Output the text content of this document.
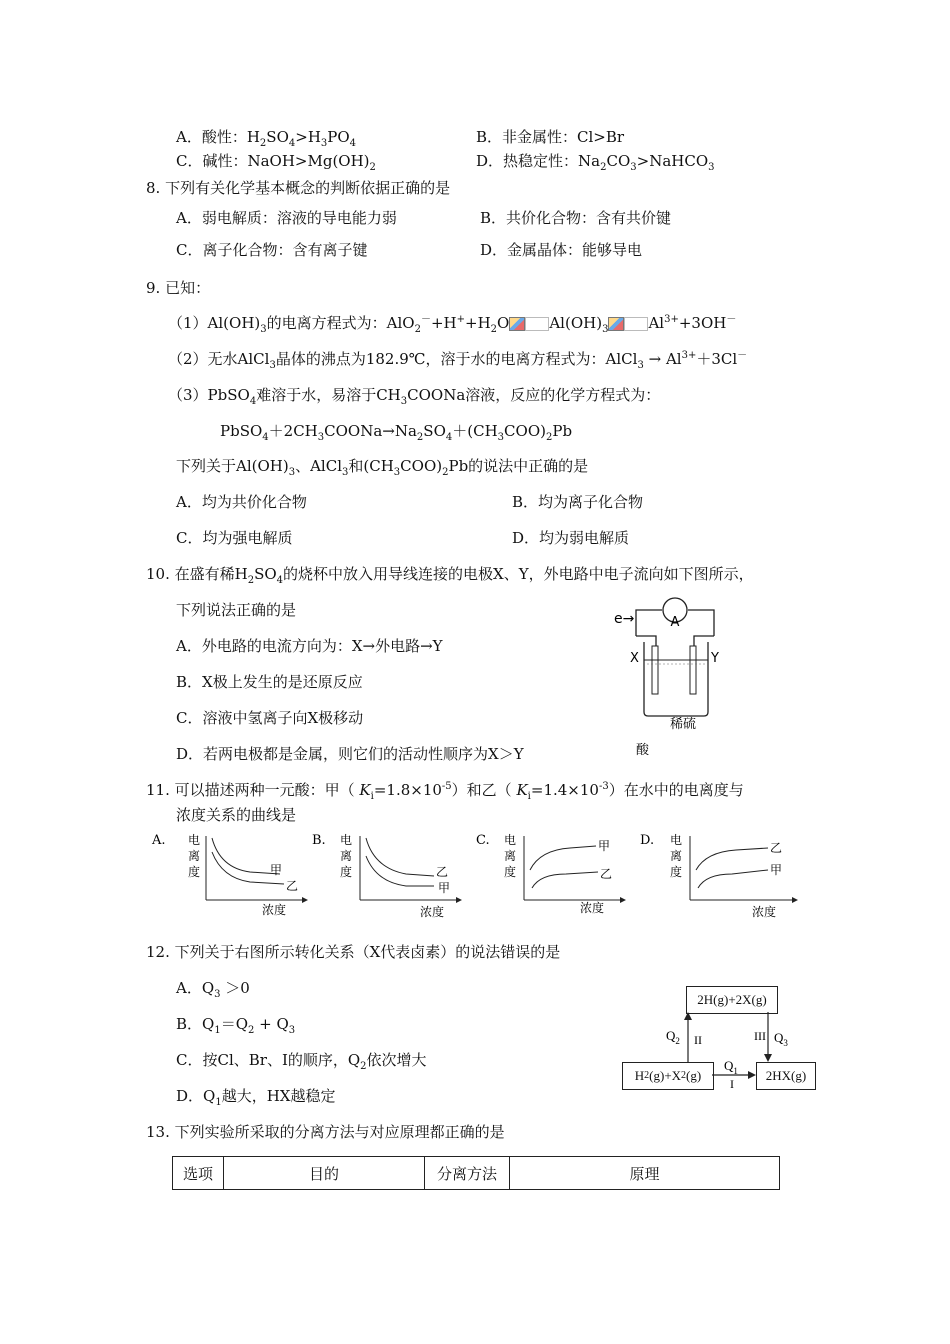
A．酸性：$H_2SO_4>H_3PO_4$	B．非金属性：Cl>Br
C．碱性：$NaOH>Mg(OH)_2$	D．热稳定性：$Na_2CO_3>NaHCO_3$
8. 下列有关化学基本概念的判断依据正确的是
A．弱电解质：溶液的导电能力弱	B．共价化合物：含有共价键
C．离子化合物：含有离子键	D．金属晶体：能够导电
9. 已知：
$(1)Al(OH)_3$的电离方程式为：$AlO_2^-+H^++H_2O$	$Al(OH)_3$	$Al^{3+}+3OH^-$
（2）无水AlCl$_3$晶体的沸点为182.9℃，溶于水的电离方程式为：AlCl$_3$ → $Al^{3+}+3Cl^-$
（3）PbSO$_4$难溶于水，易溶于$CH_3COONa$溶液，反应的化学方程式为：
$PbSO_4+2CH_3COONa\to Na_2SO_4+(CH_3COO)_2Pb$
下列关于$Al(OH)_3$、AlCl$_3$和$(CH_3COO)_2Pb$的说法中正确的是
A．均为共价化合物	B．均为离子化合物
C．均为强电解质	D．均为弱电解质
10. 在盛有稀$H_2SO_4$的烧杯中放入用导线连接的电极X、Y，外电路中电子流向如下图所示，
下列说法正确的是
A．外电路的电流方向为：X→外电路→Y
B．X极上发生的是还原反应
C．溶液中氢离子向X极移动
D．若两电极都是金属，则它们的活动性顺序为X＞Y
A
e→
X	Y
稀硫
酸
11. 可以描述两种一元酸：甲（ $K_i=1.8\times 10^{-5}$）和乙（ $K_i=1.4\times 10^{-3}$）在水中的电离度与
浓度关系的曲线是
A. 电
离
度	甲
乙
浓度
B. 电
离
度	乙
甲
浓度
C. 电
离
度
甲
乙
浓度
D. 电
离
度
乙
甲
浓度
12. 下列关于右图所示转化关系（X代表卤素）的说法错误的是
A．$Q_3 >0$
B．$Q_1=Q_2 + Q_3$
C．按Cl、Br、I的顺序，$Q_2$依次增大
D．$Q_1$越大，HX越稳定
2H(g)+2X(g)
H 2 (g)+X 2 (g)	2HX(g)
$Q_2$ II	III $Q_3$
$Q_1$
I
13. 下列实验所采取的分离方法与对应原理都正确的是
选项	目的	分离方法	原理
